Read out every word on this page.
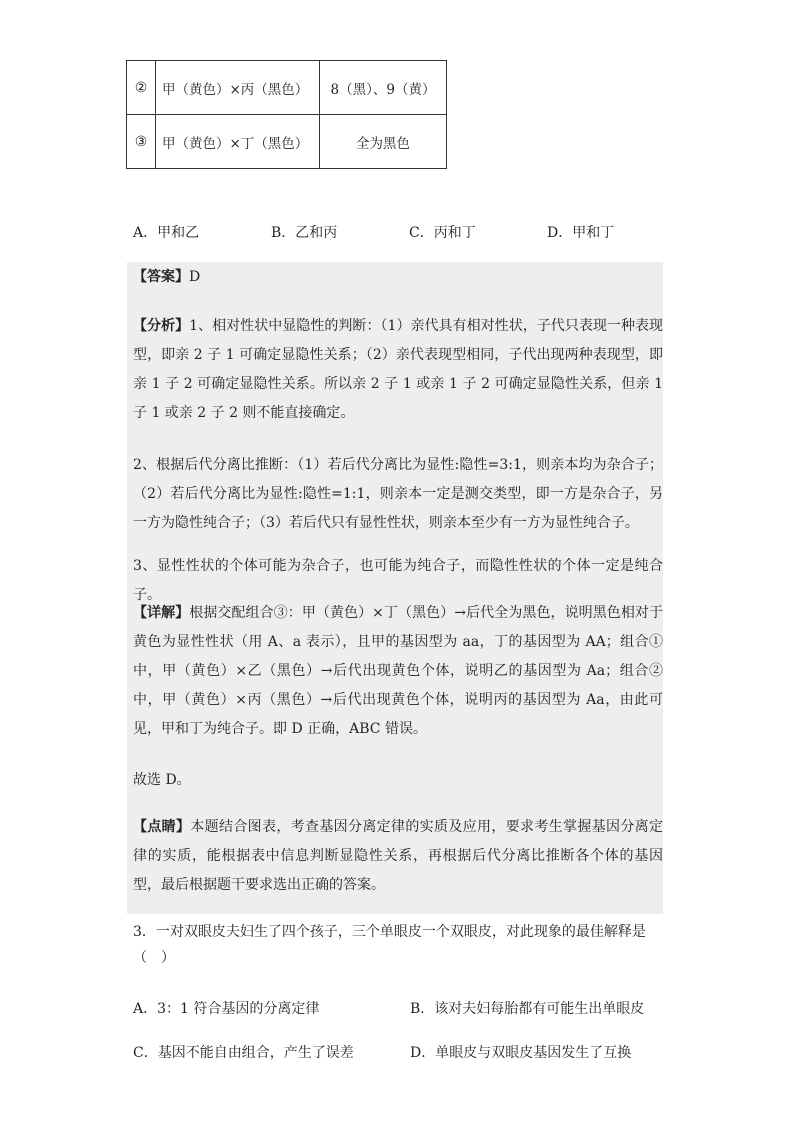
②	甲（黄色）×丙（黑色）	8（黑）、9（黄）
③	甲（黄色）×丁（黑色）	全为黑色
A．甲和乙	B．乙和丙	C．丙和丁	D．甲和丁
【答案】D
【分析】1、相对性状中显隐性的判断：（1）亲代具有相对性状，子代只表现一种表现型，即亲 2 子 1 可确定显隐性关系；（2）亲代表现型相同，子代出现两种表现型，即亲 1 子 2 可确定显隐性关系。所以亲 2 子 1 或亲 1 子 2 可确定显隐性关系，但亲 1 子 1 或亲 2 子 2 则不能直接确定。
2、根据后代分离比推断：（1）若后代分离比为显性:隐性=3:1，则亲本均为杂合子；（2）若后代分离比为显性:隐性=1:1，则亲本一定是测交类型，即一方是杂合子，另一方为隐性纯合子；（3）若后代只有显性性状，则亲本至少有一方为显性纯合子。
3、显性性状的个体可能为杂合子，也可能为纯合子，而隐性性状的个体一定是纯合子。
【详解】根据交配组合③：甲（黄色）×丁（黑色）→后代全为黑色，说明黑色相对于黄色为显性性状（用 A、a 表示），且甲的基因型为 aa，丁的基因型为 AA；组合①中，甲（黄色）×乙（黑色）→后代出现黄色个体，说明乙的基因型为 Aa；组合②中，甲（黄色）×丙（黑色）→后代出现黄色个体，说明丙的基因型为 Aa，由此可见，甲和丁为纯合子。即 D 正确，ABC 错误。
故选 D。
【点睛】本题结合图表，考查基因分离定律的实质及应用，要求考生掌握基因分离定律的实质，能根据表中信息判断显隐性关系，再根据后代分离比推断各个体的基因型，最后根据题干要求选出正确的答案。
3．一对双眼皮夫妇生了四个孩子，三个单眼皮一个双眼皮，对此现象的最佳解释是（　）
A．3：1 符合基因的分离定律	B．该对夫妇每胎都有可能生出单眼皮
C．基因不能自由组合，产生了误差	D．单眼皮与双眼皮基因发生了互换
